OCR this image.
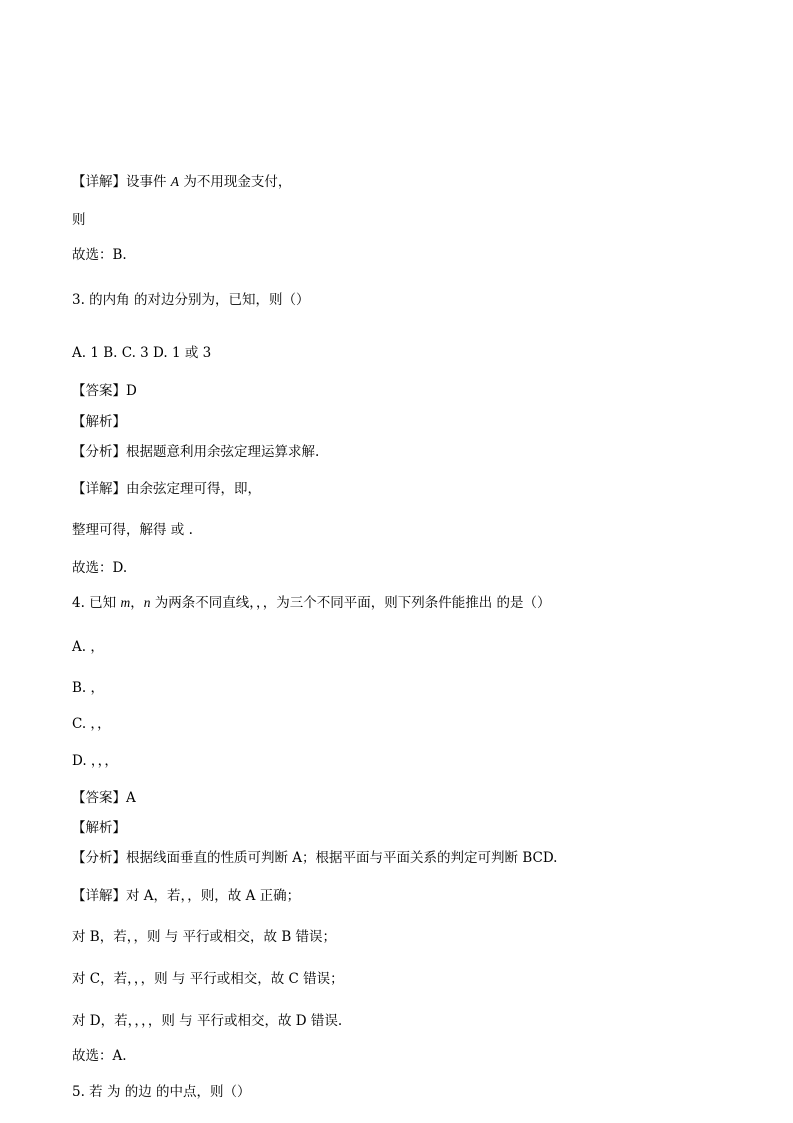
【详解】设事件 A 为不用现金支付，

则

故选：B.

3. 的内角 的对边分别为，已知，则（）

A. 1 B. C. 3 D. 1 或 3

【答案】D

【解析】

【分析】根据题意利用余弦定理运算求解.

【详解】由余弦定理可得，即，

整理可得，解得 或 .

故选：D.

4. 已知 m，n 为两条不同直线，，，为三个不同平面，则下列条件能推出 的是（）

A. ，

B. ，

C. ，，

D. ，，，

【答案】A

【解析】

【分析】根据线面垂直的性质可判断 A；根据平面与平面关系的判定可判断 BCD.

【详解】对 A，若，，则，故 A 正确；

对 B，若，，则 与 平行或相交，故 B 错误；

对 C，若，，，则 与 平行或相交，故 C 错误；

对 D，若，，，，则 与 平行或相交，故 D 错误.

故选：A.

5. 若 为 的边 的中点，则（）
